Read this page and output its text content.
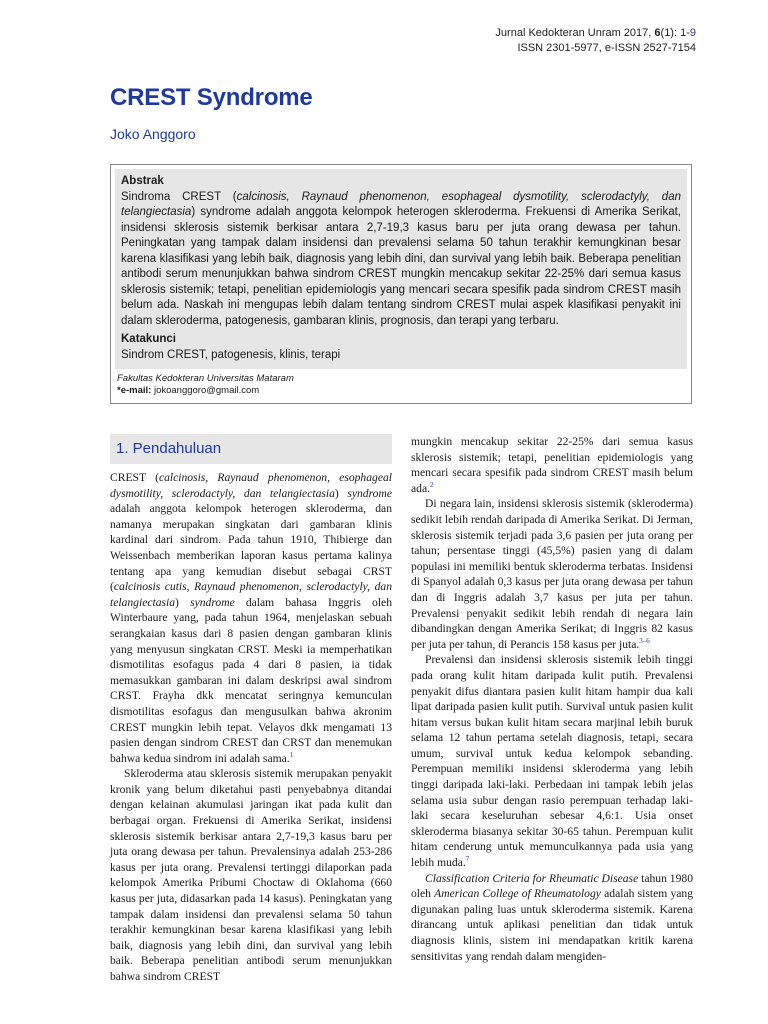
Jurnal Kedokteran Unram 2017, 6(1): 1-9
ISSN 2301-5977, e-ISSN 2527-7154
CREST Syndrome
Joko Anggoro
Abstrak

Sindroma CREST (calcinosis, Raynaud phenomenon, esophageal dysmotility, sclerodactyly, dan telangiectasia) syndrome adalah anggota kelompok heterogen skleroderma. Frekuensi di Amerika Serikat, insidensi sklerosis sistemik berkisar antara 2,7-19,3 kasus baru per juta orang dewasa per tahun. Peningkatan yang tampak dalam insidensi dan prevalensi selama 50 tahun terakhir kemungkinan besar karena klasifikasi yang lebih baik, diagnosis yang lebih dini, dan survival yang lebih baik. Beberapa penelitian antibodi serum menunjukkan bahwa sindrom CREST mungkin mencakup sekitar 22-25% dari semua kasus sklerosis sistemik; tetapi, penelitian epidemiologis yang mencari secara spesifik pada sindrom CREST masih belum ada. Naskah ini mengupas lebih dalam tentang sindrom CREST mulai aspek klasifikasi penyakit ini dalam skleroderma, patogenesis, gambaran klinis, prognosis, dan terapi yang terbaru.

Katakunci
Sindrom CREST, patogenesis, klinis, terapi
Fakultas Kedokteran Universitas Mataram
*e-mail: jokoanggoro@gmail.com
1. Pendahuluan

CREST (calcinosis, Raynaud phenomenon, esophageal dysmotility, sclerodactyly, dan telangiectasia) syndrome adalah anggota kelompok heterogen skleroderma, dan namanya merupakan singkatan dari gambaran klinis kardinal dari sindrom. Pada tahun 1910, Thibierge dan Weissenbach memberikan laporan kasus pertama kalinya tentang apa yang kemudian disebut sebagai CRST (calcinosis cutis, Raynaud phenomenon, sclerodactyly, dan telangiectasia) syndrome dalam bahasa Inggris oleh Winterbaure yang, pada tahun 1964, menjelaskan sebuah serangkaian kasus dari 8 pasien dengan gambaran klinis yang menyusun singkatan CRST. Meski ia memperhatikan dismotilitas esofagus pada 4 dari 8 pasien, ia tidak memasukkan gambaran ini dalam deskripsi awal sindrom CRST. Frayha dkk mencatat seringnya kemunculan dismotilitas esofagus dan mengusulkan bahwa akronim CREST mungkin lebih tepat. Velayos dkk mengamati 13 pasien dengan sindrom CREST dan CRST dan menemukan bahwa kedua sindrom ini adalah sama.$^1$

Skleroderma atau sklerosis sistemik merupakan penyakit kronik yang belum diketahui pasti penyebabnya ditandai dengan kelainan akumulasi jaringan ikat pada kulit dan berbagai organ. Frekuensi di Amerika Serikat, insidensi sklerosis sistemik berkisar antara 2,7-19,3 kasus baru per juta orang dewasa per tahun. Prevalensinya adalah 253-286 kasus per juta orang. Prevalensi tertinggi dilaporkan pada kelompok Amerika Pribumi Choctaw di Oklahoma (660 kasus per juta, didasarkan pada 14 kasus). Peningkatan yang tampak dalam insidensi dan prevalensi selama 50 tahun terakhir kemungkinan besar karena klasifikasi yang lebih baik, diagnosis yang lebih dini, dan survival yang lebih baik. Beberapa penelitian antibodi serum menunjukkan bahwa sindrom CREST

mungkin mencakup sekitar 22-25% dari semua kasus sklerosis sistemik; tetapi, penelitian epidemiologis yang mencari secara spesifik pada sindrom CREST masih belum ada.$^2$

Di negara lain, insidensi sklerosis sistemik (skleroderma) sedikit lebih rendah daripada di Amerika Serikat. Di Jerman, sklerosis sistemik terjadi pada 3,6 pasien per juta orang per tahun; persentase tinggi (45,5%) pasien yang di dalam populasi ini memiliki bentuk skleroderma terbatas. Insidensi di Spanyol adalah 0,3 kasus per juta orang dewasa per tahun dan di Inggris adalah 3,7 kasus per juta per tahun. Prevalensi penyakit sedikit lebih rendah di negara lain dibandingkan dengan Amerika Serikat; di Inggris 82 kasus per juta per tahun, di Perancis 158 kasus per juta.$^{3-6}$

Prevalensi dan insidensi sklerosis sistemik lebih tinggi pada orang kulit hitam daripada kulit putih. Prevalensi penyakit difus diantara pasien kulit hitam hampir dua kali lipat daripada pasien kulit putih. Survival untuk pasien kulit hitam versus bukan kulit hitam secara marjinal lebih buruk selama 12 tahun pertama setelah diagnosis, tetapi, secara umum, survival untuk kedua kelompok sebanding. Perempuan memiliki insidensi skleroderma yang lebih tinggi daripada laki-laki. Perbedaan ini tampak lebih jelas selama usia subur dengan rasio perempuan terhadap laki-laki secara keseluruhan sebesar 4,6:1. Usia onset skleroderma biasanya sekitar 30-65 tahun. Perempuan kulit hitam cenderung untuk memunculkannya pada usia yang lebih muda.$^7$

Classification Criteria for Rheumatic Disease tahun 1980 oleh American College of Rheumatology adalah sistem yang digunakan paling luas untuk skleroderma sistemik. Karena dirancang untuk aplikasi penelitian dan tidak untuk diagnosis klinis, sistem ini mendapatkan kritik karena sensitivitas yang rendah dalam mengiden-
